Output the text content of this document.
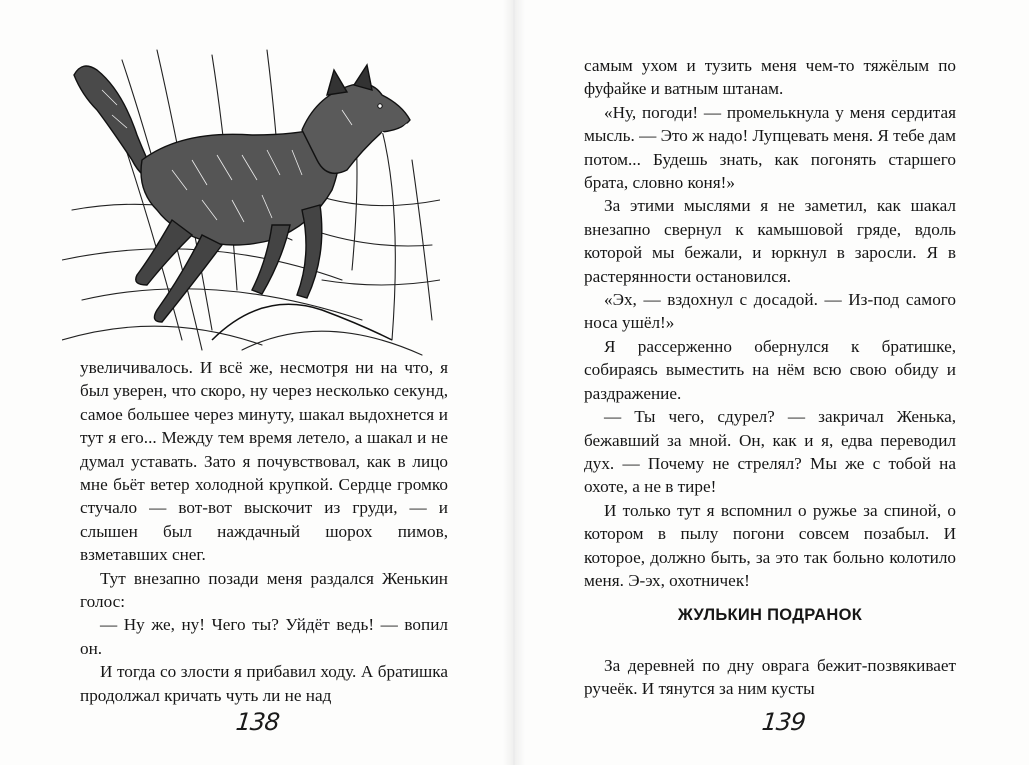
увеличивалось. И всё же, несмотря ни на что, я был уверен, что скоро, ну через несколько секунд, самое большее через минуту, шакал выдохнется и тут я его... Между тем время летело, а шакал и не думал уставать. Зато я почувствовал, как в лицо мне бьёт ветер холодной крупкой. Сердце громко стучало — вот-вот выскочит из груди, — и слышен был наждачный шорох пимов, взметавших снег.

Тут внезапно позади меня раздался Женькин голос:

— Ну же, ну! Чего ты? Уйдёт ведь! — вопил он.

И тогда со злости я прибавил ходу. А братишка продолжал кричать чуть ли не над

138

самым ухом и тузить меня чем-то тяжёлым по фуфайке и ватным штанам.

«Ну, погоди! — промелькнула у меня сердитая мысль. — Это ж надо! Лупцевать меня. Я тебе дам потом... Будешь знать, как погонять старшего брата, словно коня!»

За этими мыслями я не заметил, как шакал внезапно свернул к камышовой гряде, вдоль которой мы бежали, и юркнул в заросли. Я в растерянности остановился.

«Эх, — вздохнул с досадой. — Из-под самого носа ушёл!»

Я рассерженно обернулся к братишке, собираясь выместить на нём всю свою обиду и раздражение.

— Ты чего, сдурел? — закричал Женька, бежавший за мной. Он, как и я, едва переводил дух. — Почему не стрелял? Мы же с тобой на охоте, а не в тире!

И только тут я вспомнил о ружье за спиной, о котором в пылу погони совсем позабыл. И которое, должно быть, за это так больно колотило меня. Э-эх, охотничек!

ЖУЛЬКИН ПОДРАНОК

За деревней по дну оврага бежит-позвякивает ручеёк. И тянутся за ним кусты

139
